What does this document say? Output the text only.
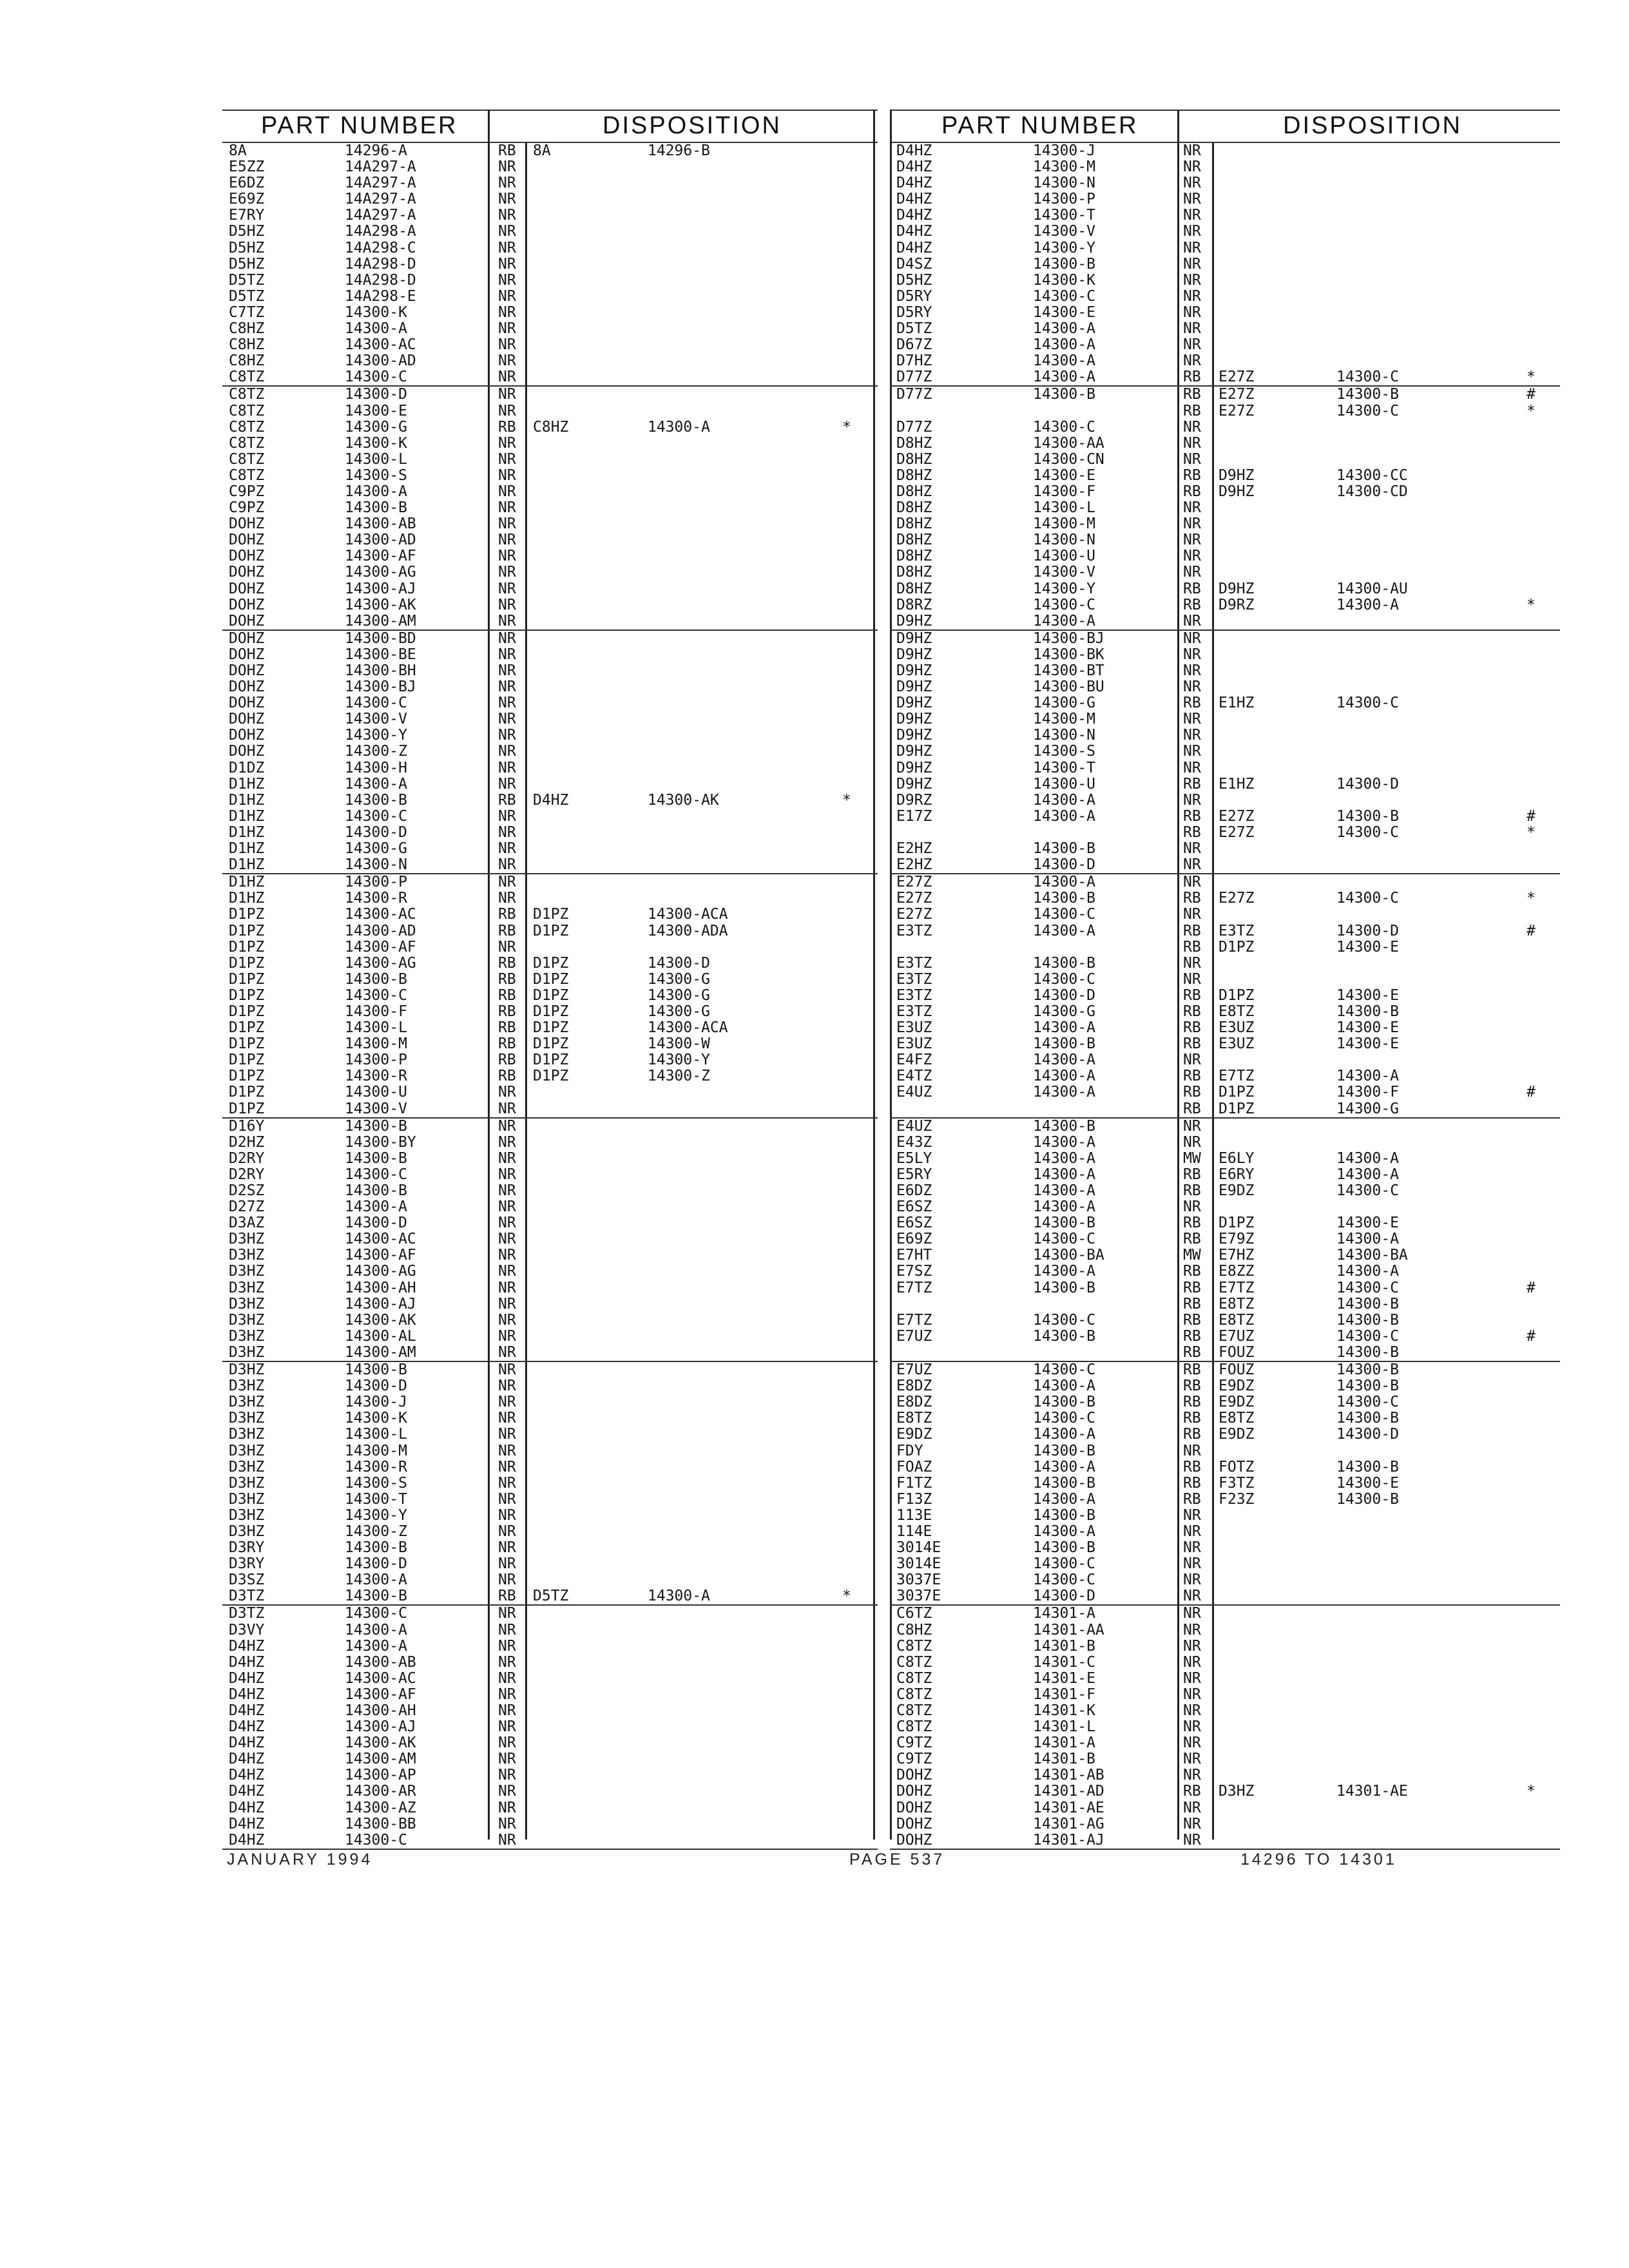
PART NUMBER	DISPOSITION
8A	14296-A	RB 8A	14296-B
E5ZZ	14A297-A	NR
E6DZ	14A297-A	NR
E69Z	14A297-A	NR
E7RY	14A297-A	NR
D5HZ	14A298-A	NR
D5HZ	14A298-C	NR
D5HZ	14A298-D	NR
D5TZ	14A298-D	NR
D5TZ	14A298-E	NR
C7TZ	14300-K	NR
C8HZ	14300-A	NR
C8HZ	14300-AC	NR
C8HZ	14300-AD	NR
C8TZ	14300-C	NR
C8TZ	14300-D	NR
C8TZ	14300-E	NR
C8TZ	14300-G	RB C8HZ	14300-A	*
C8TZ	14300-K	NR
C8TZ	14300-L	NR
C8TZ	14300-S	NR
C9PZ	14300-A	NR
C9PZ	14300-B	NR
DOHZ	14300-AB	NR
DOHZ	14300-AD	NR
DOHZ	14300-AF	NR
DOHZ	14300-AG	NR
DOHZ	14300-AJ	NR
DOHZ	14300-AK	NR
DOHZ	14300-AM	NR
DOHZ	14300-BD	NR
DOHZ	14300-BE	NR
DOHZ	14300-BH	NR
DOHZ	14300-BJ	NR
DOHZ	14300-C	NR
DOHZ	14300-V	NR
DOHZ	14300-Y	NR
DOHZ	14300-Z	NR
D1DZ	14300-H	NR
D1HZ	14300-A	NR
D1HZ	14300-B	RB D4HZ	14300-AK	*
D1HZ	14300-C	NR
D1HZ	14300-D	NR
D1HZ	14300-G	NR
D1HZ	14300-N	NR
D1HZ	14300-P	NR
D1HZ	14300-R	NR
D1PZ	14300-AC	RB D1PZ	14300-ACA
D1PZ	14300-AD	RB D1PZ	14300-ADA
D1PZ	14300-AF	NR
D1PZ	14300-AG	RB D1PZ	14300-D
D1PZ	14300-B	RB D1PZ	14300-G
D1PZ	14300-C	RB D1PZ	14300-G
D1PZ	14300-F	RB D1PZ	14300-G
D1PZ	14300-L	RB D1PZ	14300-ACA
D1PZ	14300-M	RB D1PZ	14300-W
D1PZ	14300-P	RB D1PZ	14300-Y
D1PZ	14300-R	RB D1PZ	14300-Z
D1PZ	14300-U	NR
D1PZ	14300-V	NR
D16Y	14300-B	NR
D2HZ	14300-BY	NR
D2RY	14300-B	NR
D2RY	14300-C	NR
D2SZ	14300-B	NR
D27Z	14300-A	NR
D3AZ	14300-D	NR
D3HZ	14300-AC	NR
D3HZ	14300-AF	NR
D3HZ	14300-AG	NR
D3HZ	14300-AH	NR
D3HZ	14300-AJ	NR
D3HZ	14300-AK	NR
D3HZ	14300-AL	NR
D3HZ	14300-AM	NR
D3HZ	14300-B	NR
D3HZ	14300-D	NR
D3HZ	14300-J	NR
D3HZ	14300-K	NR
D3HZ	14300-L	NR
D3HZ	14300-M	NR
D3HZ	14300-R	NR
D3HZ	14300-S	NR
D3HZ	14300-T	NR
D3HZ	14300-Y	NR
D3HZ	14300-Z	NR
D3RY	14300-B	NR
D3RY	14300-D	NR
D3SZ	14300-A	NR
D3TZ	14300-B	RB D5TZ	14300-A	*
D3TZ	14300-C	NR
D3VY	14300-A	NR
D4HZ	14300-A	NR
D4HZ	14300-AB	NR
D4HZ	14300-AC	NR
D4HZ	14300-AF	NR
D4HZ	14300-AH	NR
D4HZ	14300-AJ	NR
D4HZ	14300-AK	NR
D4HZ	14300-AM	NR
D4HZ	14300-AP	NR
D4HZ	14300-AR	NR
D4HZ	14300-AZ	NR
D4HZ	14300-BB	NR
D4HZ	14300-C	NR
PART NUMBER	DISPOSITION
D4HZ	14300-J	NR
D4HZ	14300-M	NR
D4HZ	14300-N	NR
D4HZ	14300-P	NR
D4HZ	14300-T	NR
D4HZ	14300-V	NR
D4HZ	14300-Y	NR
D4SZ	14300-B	NR
D5HZ	14300-K	NR
D5RY	14300-C	NR
D5RY	14300-E	NR
D5TZ	14300-A	NR
D67Z	14300-A	NR
D7HZ	14300-A	NR
D77Z	14300-A	RB E27Z	14300-C	*
D77Z	14300-B	RB E27Z	14300-B	#
RB E27Z	14300-C	*
D77Z	14300-C	NR
D8HZ	14300-AA	NR
D8HZ	14300-CN	NR
D8HZ	14300-E	RB D9HZ	14300-CC
D8HZ	14300-F	RB D9HZ	14300-CD
D8HZ	14300-L	NR
D8HZ	14300-M	NR
D8HZ	14300-N	NR
D8HZ	14300-U	NR
D8HZ	14300-V	NR
D8HZ	14300-Y	RB D9HZ	14300-AU
D8RZ	14300-C	RB D9RZ	14300-A	*
D9HZ	14300-A	NR
D9HZ	14300-BJ	NR
D9HZ	14300-BK	NR
D9HZ	14300-BT	NR
D9HZ	14300-BU	NR
D9HZ	14300-G	RB E1HZ	14300-C
D9HZ	14300-M	NR
D9HZ	14300-N	NR
D9HZ	14300-S	NR
D9HZ	14300-T	NR
D9HZ	14300-U	RB E1HZ	14300-D
D9RZ	14300-A	NR
E17Z	14300-A	RB E27Z	14300-B	#
RB E27Z	14300-C	*
E2HZ	14300-B	NR
E2HZ	14300-D	NR
E27Z	14300-A	NR
E27Z	14300-B	RB E27Z	14300-C	*
E27Z	14300-C	NR
E3TZ	14300-A	RB E3TZ	14300-D	#
RB D1PZ	14300-E
E3TZ	14300-B	NR
E3TZ	14300-C	NR
E3TZ	14300-D	RB D1PZ	14300-E
E3TZ	14300-G	RB E8TZ	14300-B
E3UZ	14300-A	RB E3UZ	14300-E
E3UZ	14300-B	RB E3UZ	14300-E
E4FZ	14300-A	NR
E4TZ	14300-A	RB E7TZ	14300-A
E4UZ	14300-A	RB D1PZ	14300-F	#
RB D1PZ	14300-G
E4UZ	14300-B	NR
E43Z	14300-A	NR
E5LY	14300-A	MW E6LY	14300-A
E5RY	14300-A	RB E6RY	14300-A
E6DZ	14300-A	RB E9DZ	14300-C
E6SZ	14300-A	NR
E6SZ	14300-B	RB D1PZ	14300-E
E69Z	14300-C	RB E79Z	14300-A
E7HT	14300-BA	MW E7HZ	14300-BA
E7SZ	14300-A	RB E8ZZ	14300-A
E7TZ	14300-B	RB E7TZ	14300-C	#
RB E8TZ	14300-B
E7TZ	14300-C	RB E8TZ	14300-B
E7UZ	14300-B	RB E7UZ	14300-C	#
RB FOUZ	14300-B
E7UZ	14300-C	RB FOUZ	14300-B
E8DZ	14300-A	RB E9DZ	14300-B
E8DZ	14300-B	RB E9DZ	14300-C
E8TZ	14300-C	RB E8TZ	14300-B
E9DZ	14300-A	RB E9DZ	14300-D
FDY	14300-B	NR
FOAZ	14300-A	RB FOTZ	14300-B
F1TZ	14300-B	RB F3TZ	14300-E
F13Z	14300-A	RB F23Z	14300-B
113E	14300-B	NR
114E	14300-A	NR
3014E	14300-B	NR
3014E	14300-C	NR
3037E	14300-C	NR
3037E	14300-D	NR
C6TZ	14301-A	NR
C8HZ	14301-AA	NR
C8TZ	14301-B	NR
C8TZ	14301-C	NR
C8TZ	14301-E	NR
C8TZ	14301-F	NR
C8TZ	14301-K	NR
C8TZ	14301-L	NR
C9TZ	14301-A	NR
C9TZ	14301-B	NR
DOHZ	14301-AB	NR
DOHZ	14301-AD	RB D3HZ	14301-AE	*
DOHZ	14301-AE	NR
DOHZ	14301-AG	NR
DOHZ	14301-AJ	NR
JANUARY 1994	PAGE 537	14296 TO 14301
